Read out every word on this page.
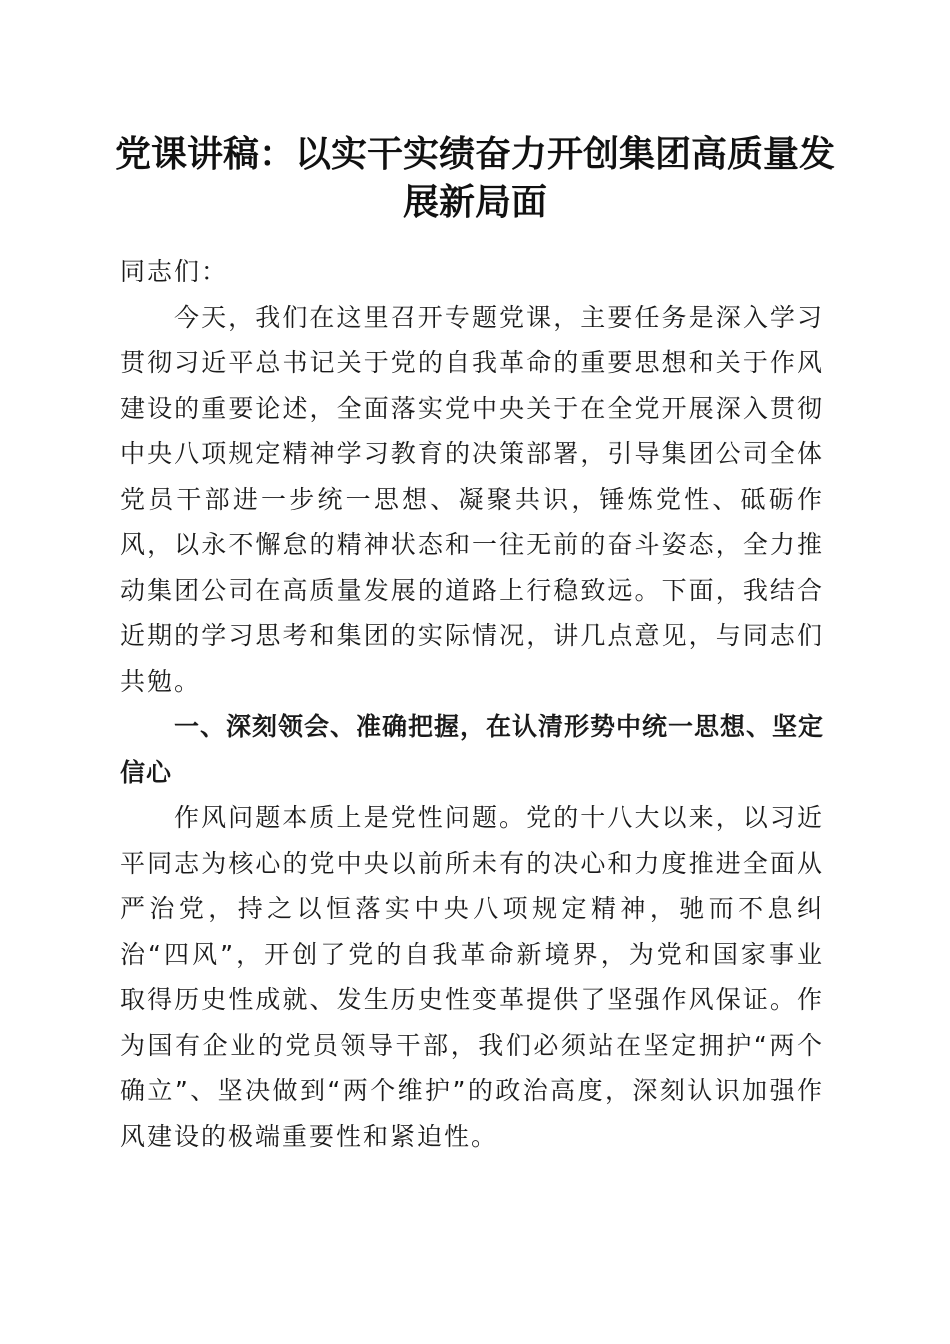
党课讲稿：以实干实绩奋力开创集团高质量发展新局面

同志们：

今天，我们在这里召开专题党课，主要任务是深入学习贯彻习近平总书记关于党的自我革命的重要思想和关于作风建设的重要论述，全面落实党中央关于在全党开展深入贯彻中央八项规定精神学习教育的决策部署，引导集团公司全体党员干部进一步统一思想、凝聚共识，锤炼党性、砥砺作风，以永不懈怠的精神状态和一往无前的奋斗姿态，全力推动集团公司在高质量发展的道路上行稳致远。下面，我结合近期的学习思考和集团的实际情况，讲几点意见，与同志们共勉。

一、深刻领会、准确把握，在认清形势中统一思想、坚定信心

作风问题本质上是党性问题。党的十八大以来，以习近平同志为核心的党中央以前所未有的决心和力度推进全面从严治党，持之以恒落实中央八项规定精神，驰而不息纠治“四风”，开创了党的自我革命新境界，为党和国家事业取得历史性成就、发生历史性变革提供了坚强作风保证。作为国有企业的党员领导干部，我们必须站在坚定拥护“两个确立”、坚决做到“两个维护”的政治高度，深刻认识加强作风建设的极端重要性和紧迫性。
